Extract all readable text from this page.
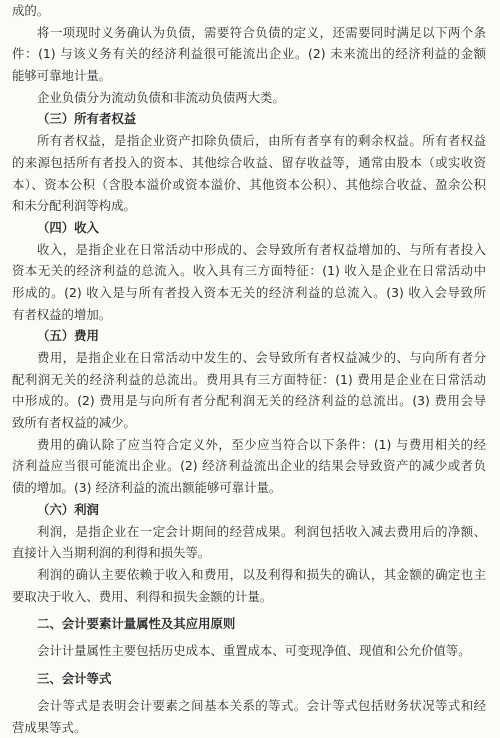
成的。
将一项现时义务确认为负债，需要符合负债的定义，还需要同时满足以下两个条
件：(1) 与该义务有关的经济利益很可能流出企业。(2) 未来流出的经济利益的金额
能够可靠地计量。
企业负债分为流动负债和非流动负债两大类。
（三）所有者权益
所有者权益，是指企业资产扣除负债后，由所有者享有的剩余权益。所有者权益
的来源包括所有者投入的资本、其他综合收益、留存收益等，通常由股本（或实收资
本）、资本公积（含股本溢价或资本溢价、其他资本公积）、其他综合收益、盈余公积
和未分配利润等构成。
（四）收入
收入，是指企业在日常活动中形成的、会导致所有者权益增加的、与所有者投入
资本无关的经济利益的总流入。收入具有三方面特征：(1) 收入是企业在日常活动中
形成的。(2) 收入是与所有者投入资本无关的经济利益的总流入。(3) 收入会导致所
有者权益的增加。
（五）费用
费用，是指企业在日常活动中发生的、会导致所有者权益减少的、与向所有者分
配利润无关的经济利益的总流出。费用具有三方面特征：(1) 费用是企业在日常活动
中形成的。(2) 费用是与向所有者分配利润无关的经济利益的总流出。(3) 费用会导
致所有者权益的减少。
费用的确认除了应当符合定义外，至少应当符合以下条件：(1) 与费用相关的经
济利益应当很可能流出企业。(2) 经济利益流出企业的结果会导致资产的减少或者负
债的增加。(3) 经济利益的流出额能够可靠计量。
（六）利润
利润，是指企业在一定会计期间的经营成果。利润包括收入减去费用后的净额、
直接计入当期利润的利得和损失等。
利润的确认主要依赖于收入和费用，以及利得和损失的确认，其金额的确定也主
要取决于收入、费用、利得和损失金额的计量。
二、会计要素计量属性及其应用原则
会计计量属性主要包括历史成本、重置成本、可变现净值、现值和公允价值等。
三、会计等式
会计等式是表明会计要素之间基本关系的等式。会计等式包括财务状况等式和经
营成果等式。
